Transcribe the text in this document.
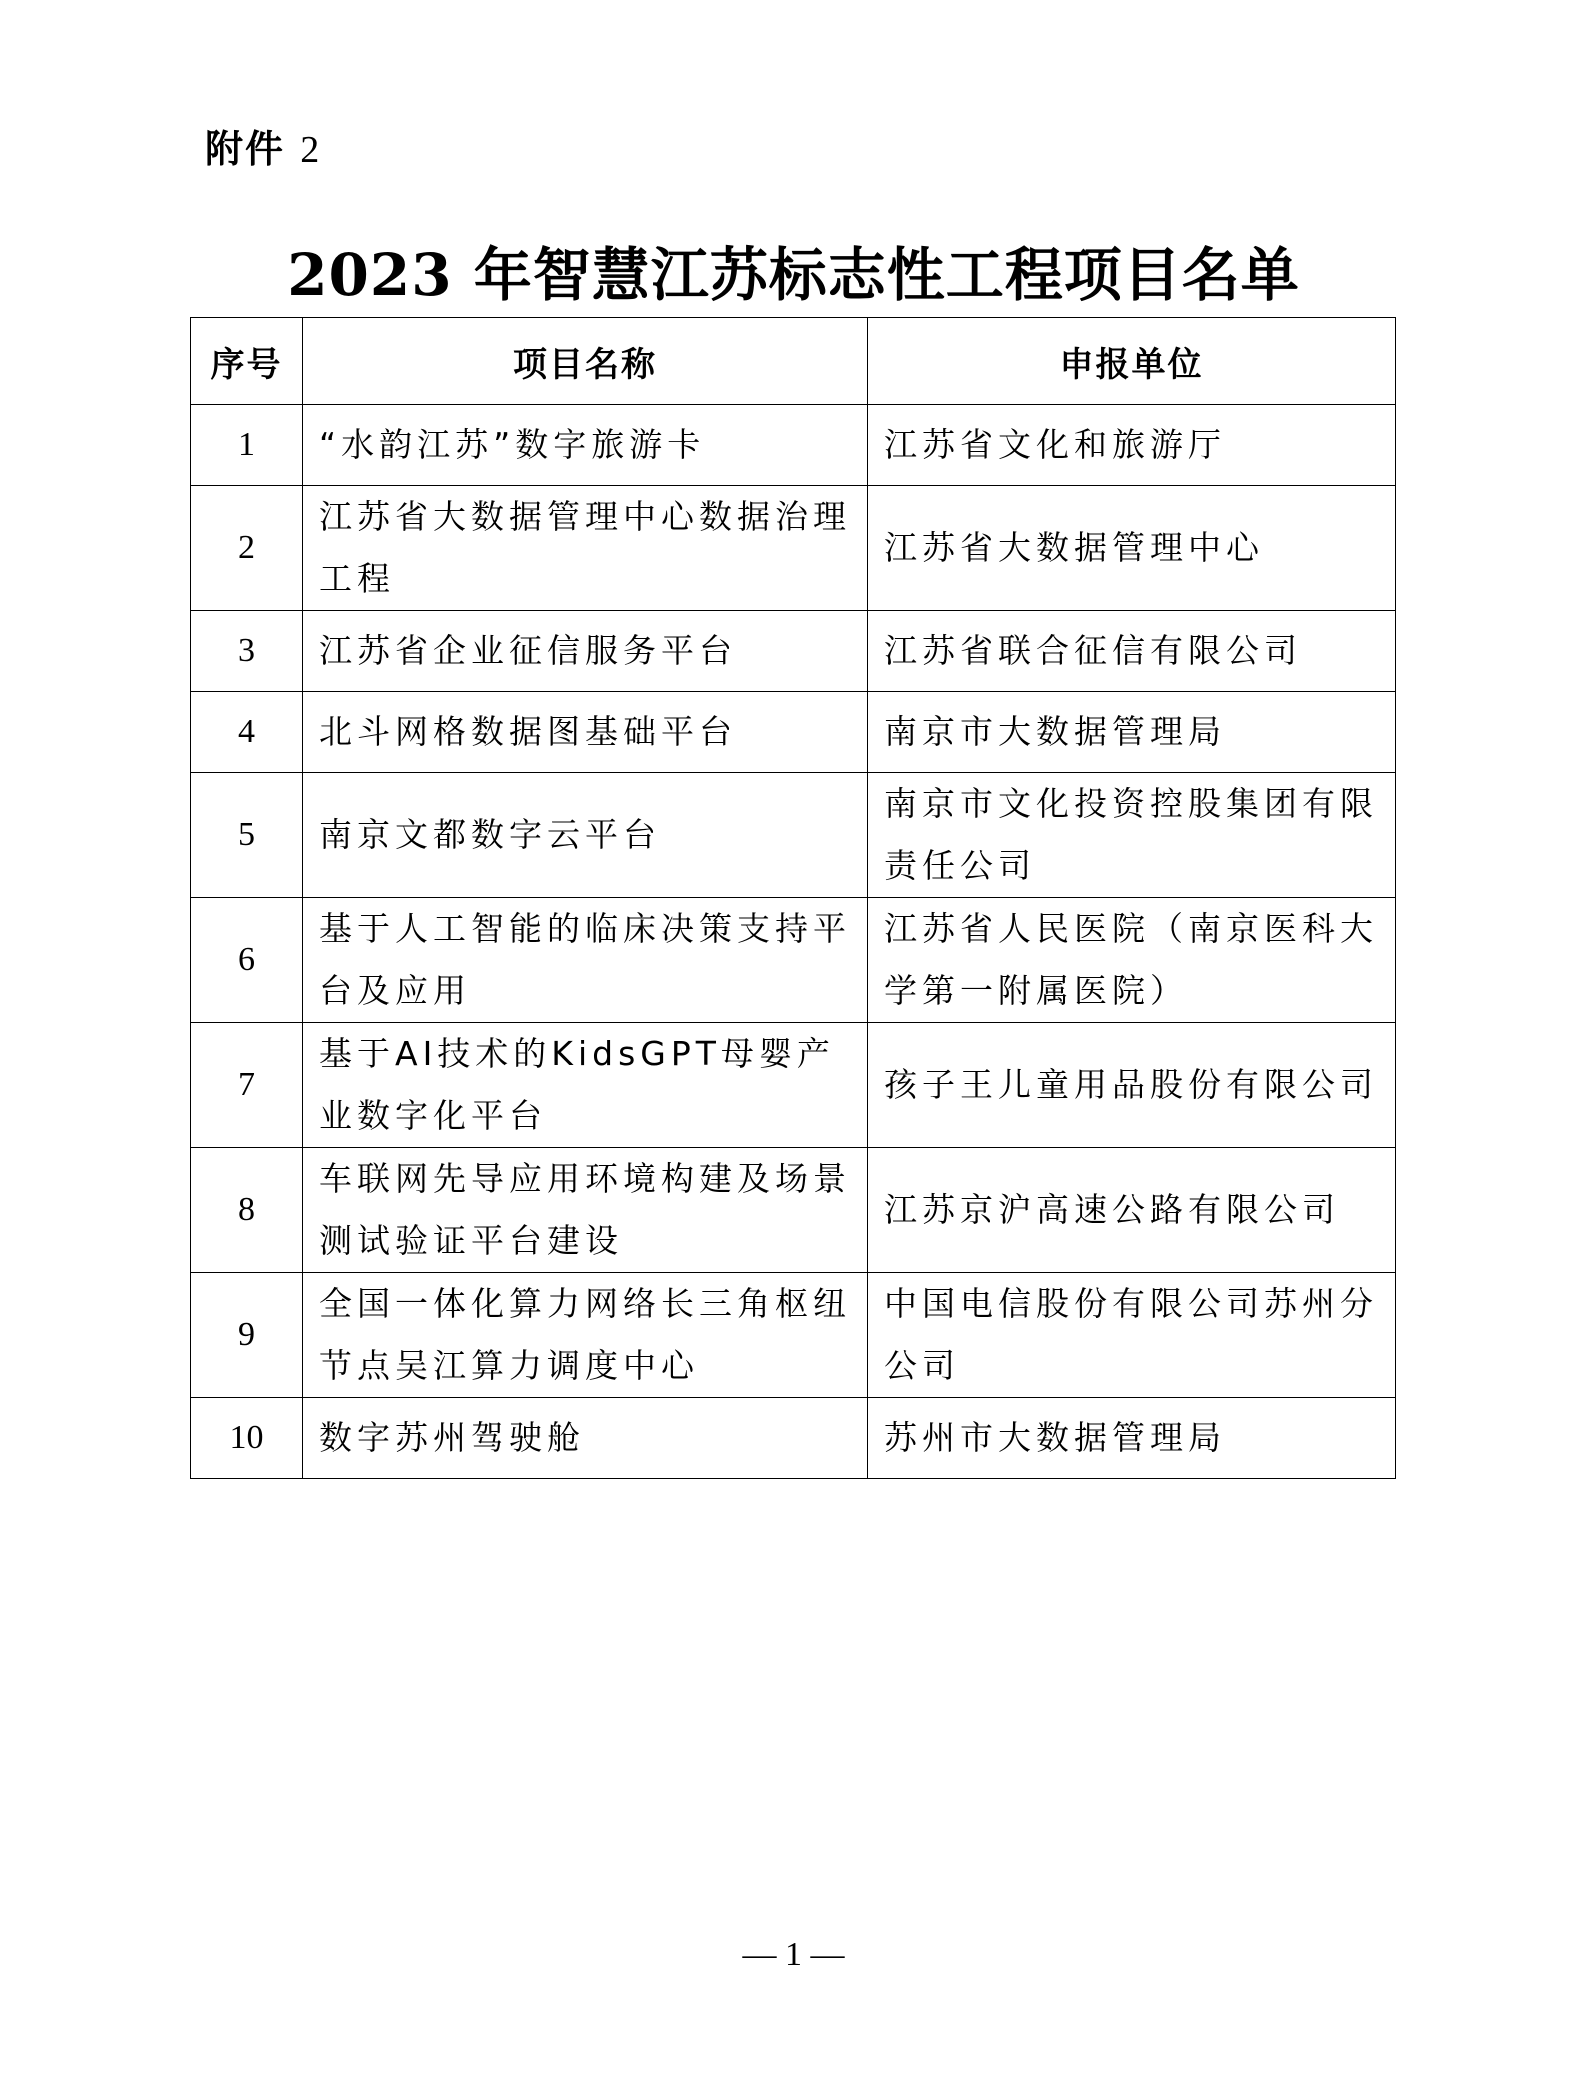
附件 2
2023 年智慧江苏标志性工程项目名单
序号	项目名称	申报单位
1	“水韵江苏”数字旅游卡	江苏省文化和旅游厅
2	江苏省大数据管理中心数据治理工程	江苏省大数据管理中心
3	江苏省企业征信服务平台	江苏省联合征信有限公司
4	北斗网格数据图基础平台	南京市大数据管理局
5	南京文都数字云平台	南京市文化投资控股集团有限责任公司
6	基于人工智能的临床决策支持平台及应用	江苏省人民医院（南京医科大学第一附属医院）
7	基于AI技术的KidsGPT母婴产业数字化平台	孩子王儿童用品股份有限公司
8	车联网先导应用环境构建及场景测试验证平台建设	江苏京沪高速公路有限公司
9	全国一体化算力网络长三角枢纽节点吴江算力调度中心	中国电信股份有限公司苏州分公司
10	数字苏州驾驶舱	苏州市大数据管理局
— 1 —
